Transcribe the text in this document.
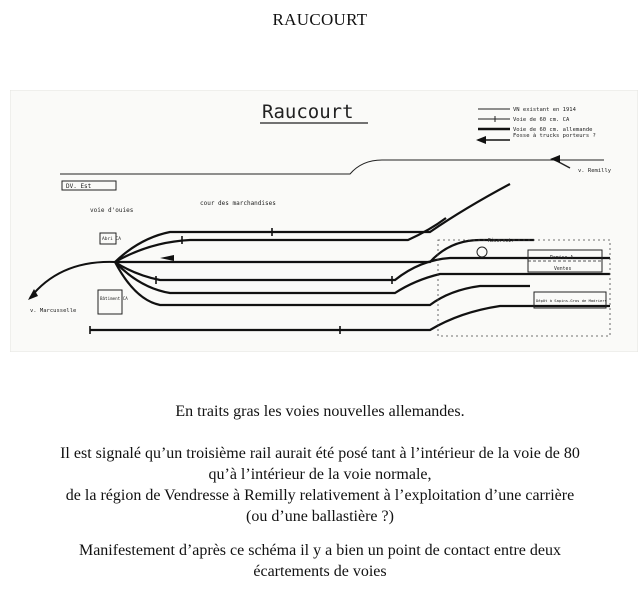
RAUCOURT
Raucourt	VN existant en 1914
Voie de 60 cm. CA
Voie de 60 cm. allemande
Fosse à trucks porteurs ?
v. Remilly
DV. Est
voie d'ouies
cour des marchandises
Abri CA
Bâtiment CA
v. Marcusselle
Réservoir
Remise A
Ventes
Dépôt à Sapins-Gros de Madriers
En traits gras les voies nouvelles allemandes.
Il est signalé qu’un troisième rail aurait été posé tant à l’intérieur de la voie de 80
qu’à l’intérieur de la voie normale,
de la région de Vendresse à Remilly relativement à l’exploitation d’une carrière
(ou d’une ballastière ?)
Manifestement d’après ce schéma il y a bien un point de contact entre deux
écartements de voies
